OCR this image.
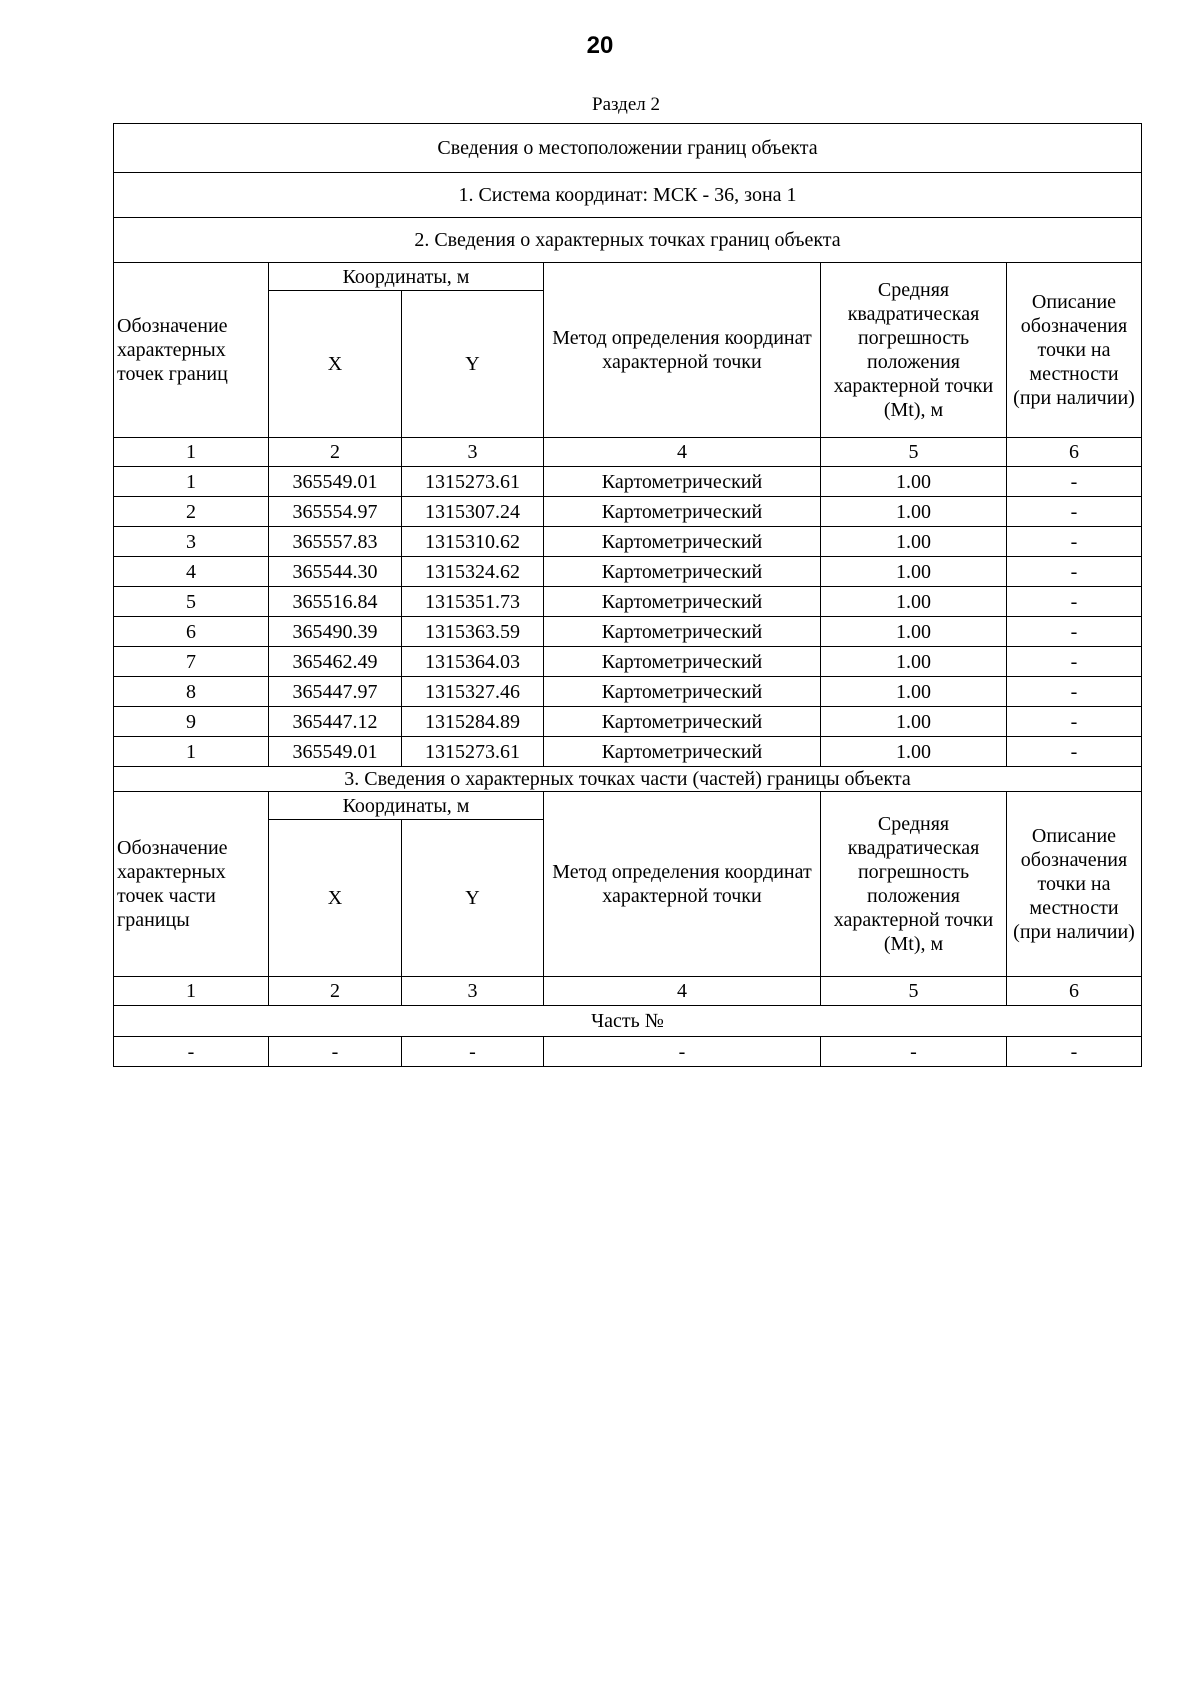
20
Раздел 2
Сведения о местоположении границ объекта					
1. Система координат: МСК - 36, зона 1					
2. Сведения о характерных точках границ объекта					
Обозначение характерных точек границ	Координаты, м		Метод определения координат характерной точки	Средняя квадратическая погрешность положения характерной точки (Mt), м	Описание обозначения точки на местности (при наличии)
	X	Y			
1	2	3	4	5	6
1	365549.01	1315273.61	Картометрический	1.00	-
2	365554.97	1315307.24	Картометрический	1.00	-
3	365557.83	1315310.62	Картометрический	1.00	-
4	365544.30	1315324.62	Картометрический	1.00	-
5	365516.84	1315351.73	Картометрический	1.00	-
6	365490.39	1315363.59	Картометрический	1.00	-
7	365462.49	1315364.03	Картометрический	1.00	-
8	365447.97	1315327.46	Картометрический	1.00	-
9	365447.12	1315284.89	Картометрический	1.00	-
1	365549.01	1315273.61	Картометрический	1.00	-
3. Сведения о характерных точках части (частей) границы объекта					
Обозначение характерных точек части границы	Координаты, м		Метод определения координат характерной точки	Средняя квадратическая погрешность положения характерной точки (Mt), м	Описание обозначения точки на местности (при наличии)
	X	Y			
1	2	3	4	5	6
Часть №					
-	-	-	-	-	-
